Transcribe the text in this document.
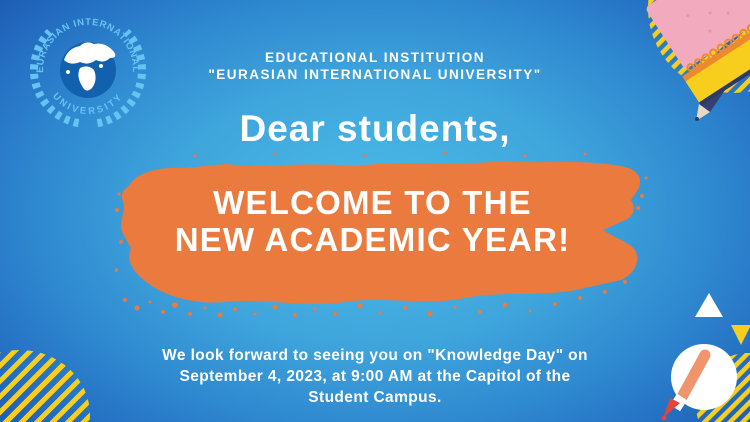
EURASIAN INTERNATIONAL
UNIVERSITY
EDUCATIONAL INSTITUTION
"EURASIAN INTERNATIONAL UNIVERSITY"
Dear students,
WELCOME TO THE
NEW ACADEMIC YEAR!
We look forward to seeing you on "Knowledge Day" on
September 4, 2023, at 9:00 AM at the Capitol of the
Student Campus.
